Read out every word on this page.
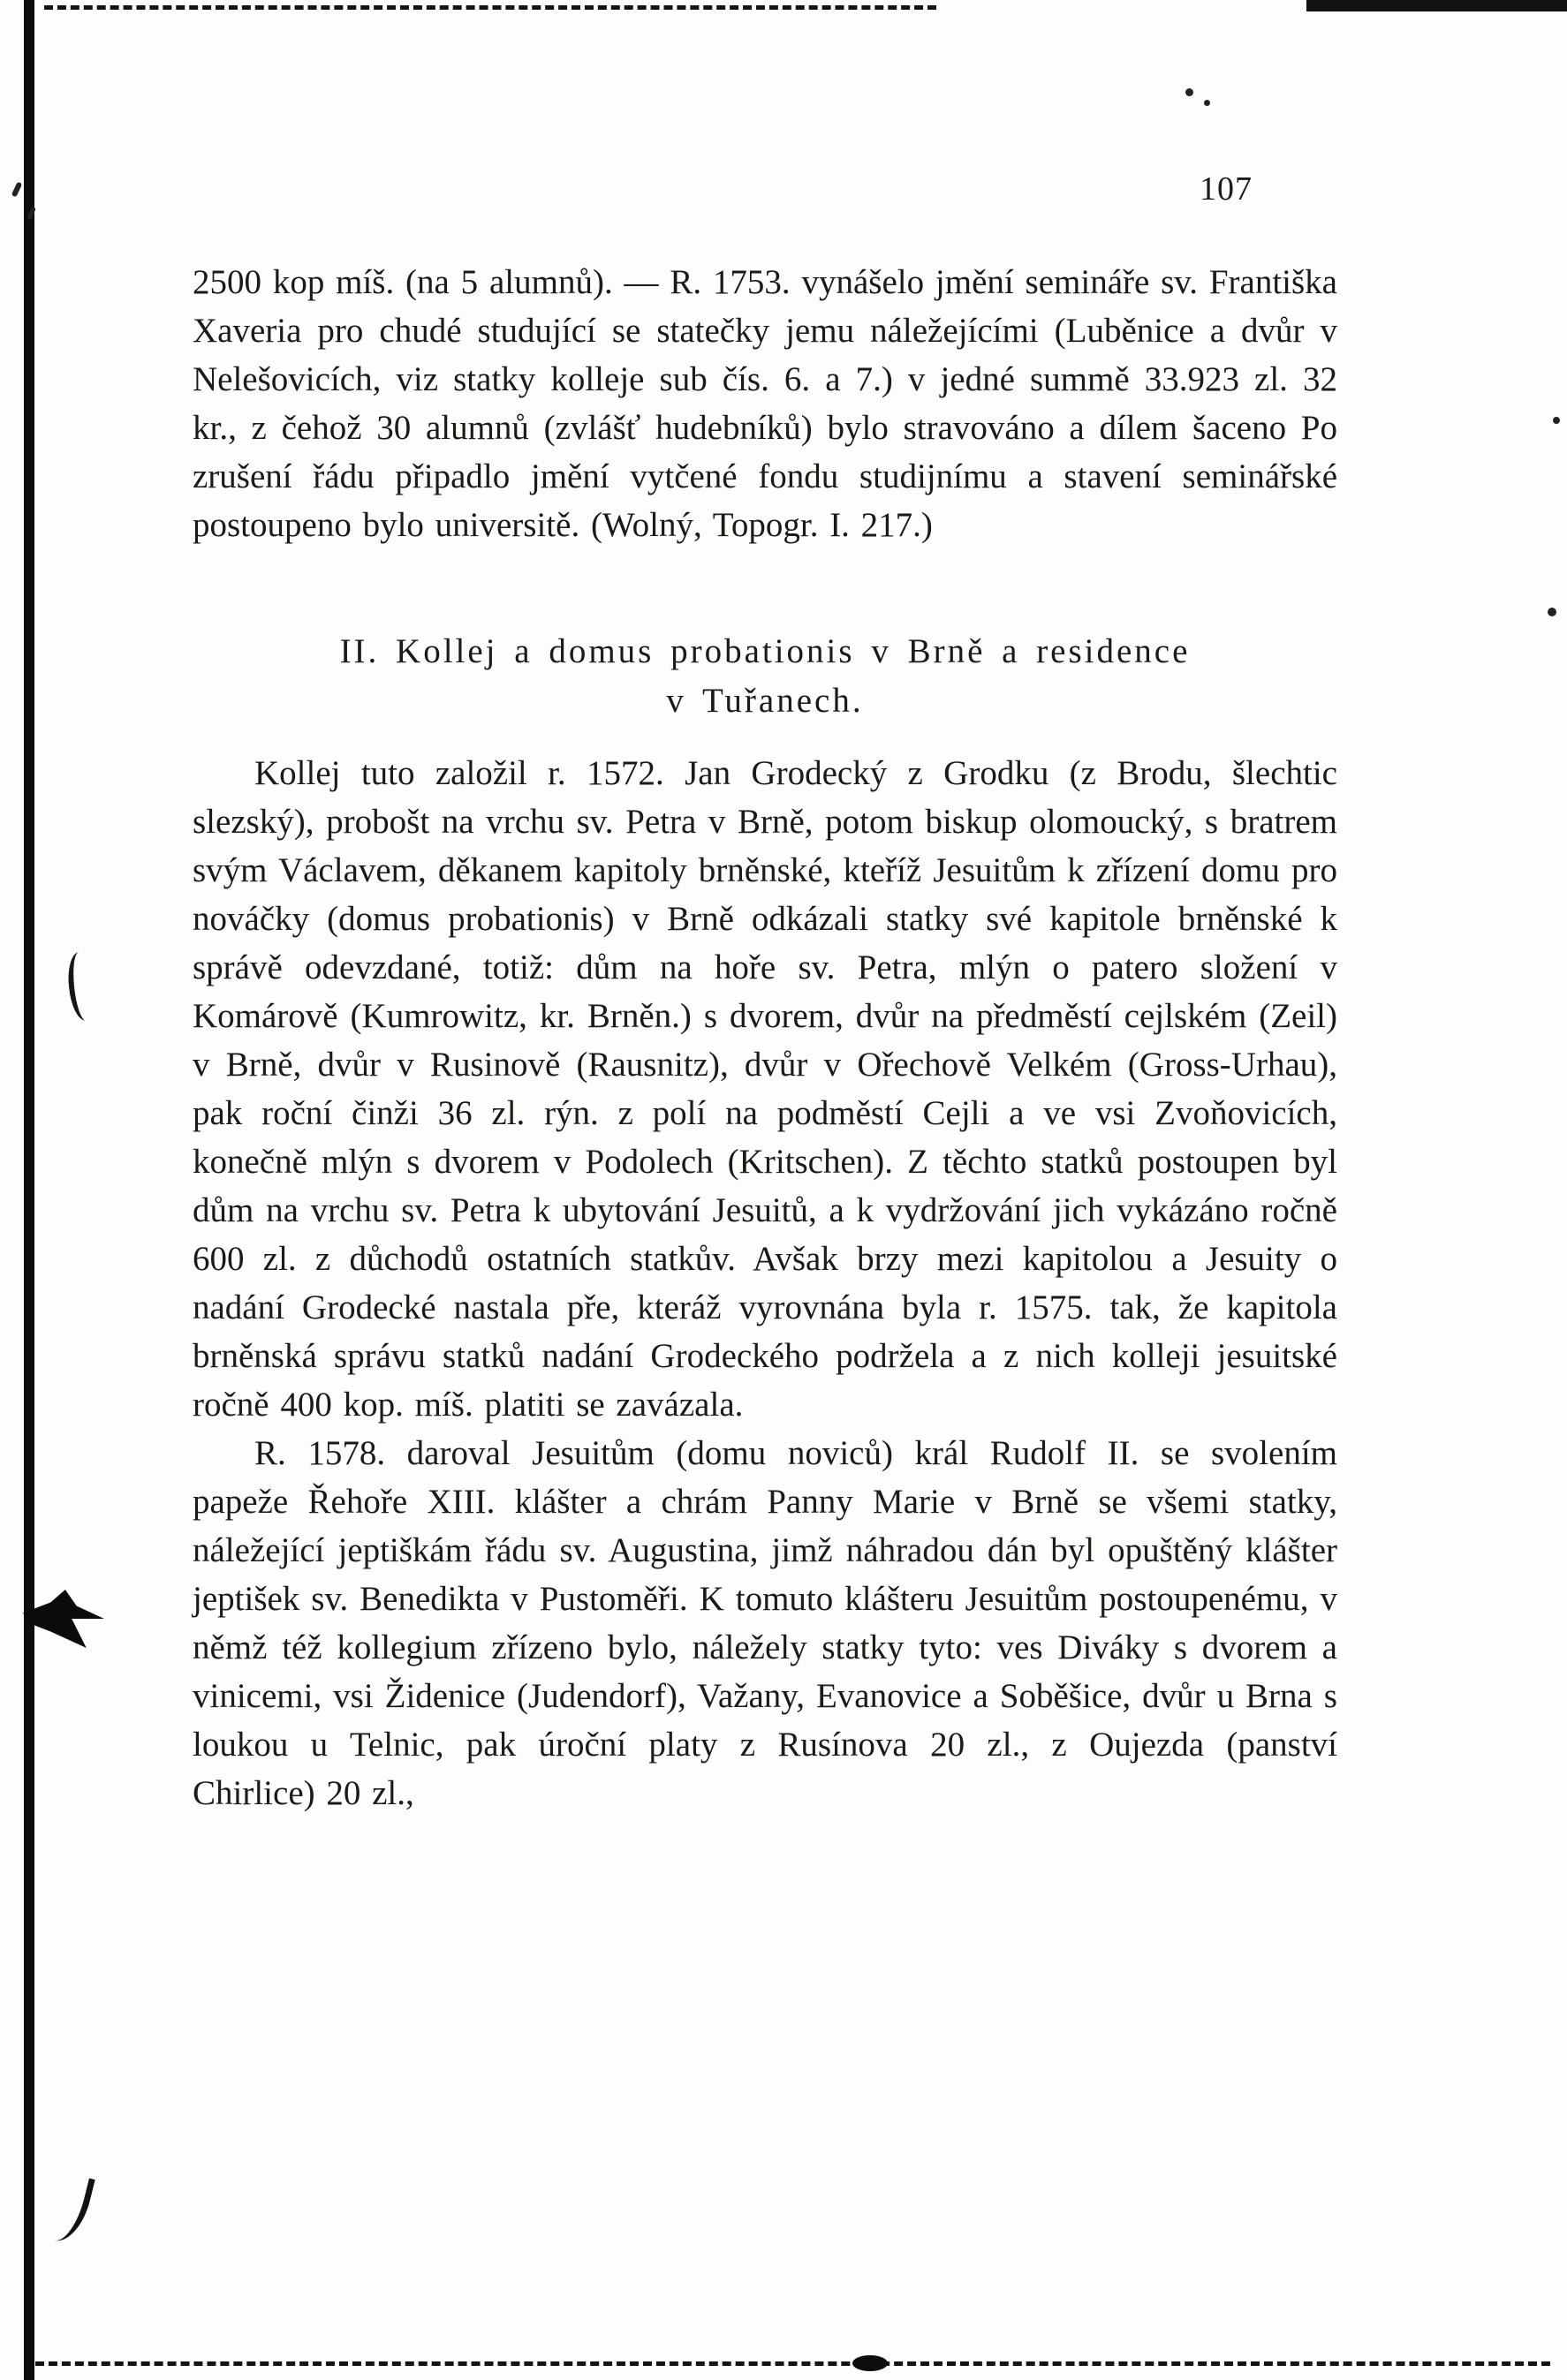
107

2500 kop míš. (na 5 alumnů). — R. 1753. vynášelo jmění semináře sv. Františka Xaveria pro chudé studující se statečky jemu náležejícími (Luběnice a dvůr v Nelešovicích, viz statky kolleje sub čís. 6. a 7.) v jedné summě 33.923 zl. 32 kr., z čehož 30 alumnů (zvlášť hudebníků) bylo stravováno a dílem šaceno Po zrušení řádu připadlo jmění vytčené fondu studijnímu a stavení seminářské postoupeno bylo universitě. (Wolný, Topogr. I. 217.)

II. Kollej a domus probationis v Brně a residence
v Tuřanech.

Kollej tuto založil r. 1572. Jan Grodecký z Grodku (z Brodu, šlechtic slezský), probošt na vrchu sv. Petra v Brně, potom biskup olomoucký, s bratrem svým Václavem, děkanem kapitoly brněnské, kteříž Jesuitům k zřízení domu pro nováčky (domus probationis) v Brně odkázali statky své kapitole brněnské k správě odevzdané, totiž: dům na hoře sv. Petra, mlýn o patero složení v Komárově (Kumrowitz, kr. Brněn.) s dvorem, dvůr na předměstí cejlském (Zeil) v Brně, dvůr v Rusinově (Rausnitz), dvůr v Ořechově Velkém (Gross-Urhau), pak roční činži 36 zl. rýn. z polí na podměstí Cejli a ve vsi Zvoňovicích, konečně mlýn s dvorem v Podolech (Kritschen). Z těchto statků postoupen byl dům na vrchu sv. Petra k ubytování Jesuitů, a k vydržování jich vykázáno ročně 600 zl. z důchodů ostatních statkův. Avšak brzy mezi kapitolou a Jesuity o nadání Grodecké nastala pře, kteráž vyrovnána byla r. 1575. tak, že kapitola brněnská správu statků nadání Grodeckého podržela a z nich kolleji jesuitské ročně 400 kop. míš. platiti se zavázala.

R. 1578. daroval Jesuitům (domu noviců) král Rudolf II. se svolením papeže Řehoře XIII. klášter a chrám Panny Marie v Brně se všemi statky, náležející jeptiškám řádu sv. Augustina, jimž náhradou dán byl opuštěný klášter jeptišek sv. Benedikta v Pustoměři. K tomuto klášteru Jesuitům postoupenému, v němž též kollegium zřízeno bylo, náležely statky tyto: ves Diváky s dvorem a vinicemi, vsi Židenice (Judendorf), Važany, Evanovice a Soběšice, dvůr u Brna s loukou u Telnic, pak úroční platy z Rusínova 20 zl., z Oujezda (panství Chirlice) 20 zl.,
